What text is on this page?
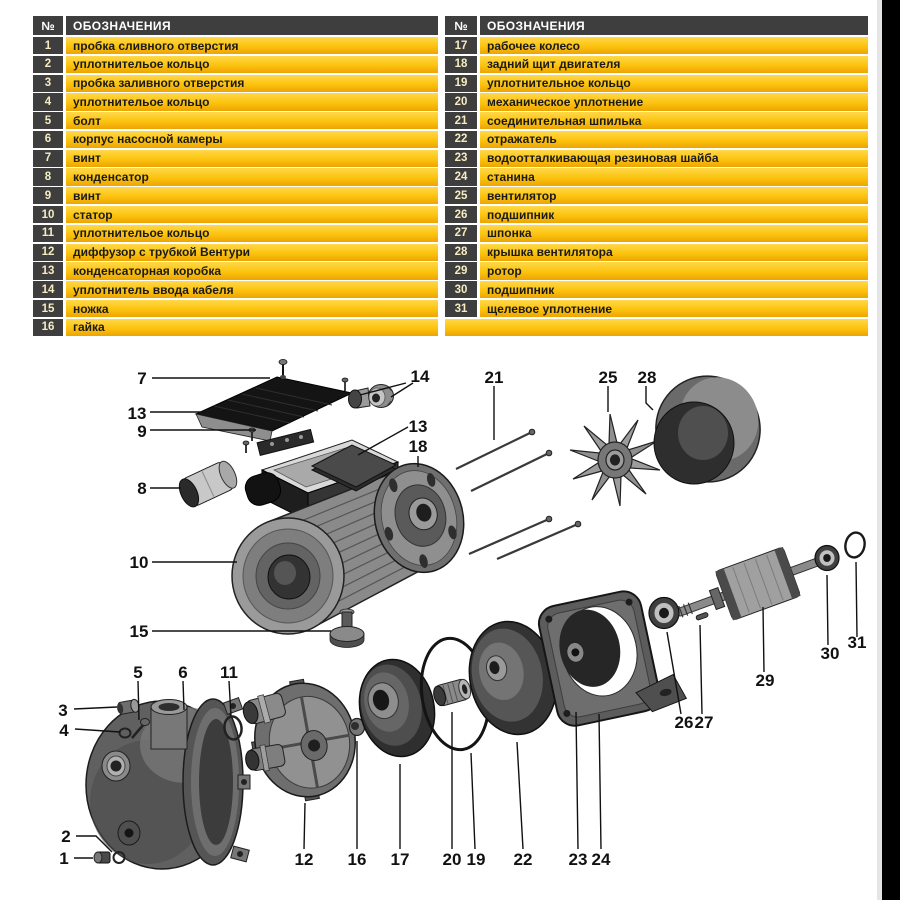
№	ОБОЗНАЧЕНИЯ
1	пробка сливного отверстия
2	уплотнительое кольцо
3	пробка заливного отверстия
4	уплотнительое кольцо
5	болт
6	корпус насосной камеры
7	винт
8	конденсатор
9	винт
10	статор
11	уплотнительое кольцо
12	диффузор с трубкой Вентури
13	конденсаторная коробка
14	уплотнитель ввода кабеля
15	ножка
16	гайка
№	ОБОЗНАЧЕНИЯ
17	рабочее колесо
18	задний щит двигателя
19	уплотнительное кольцо
20	механическое уплотнение
21	соединительная шпилька
22	отражатель
23	водоотталкивающая резиновая шайба
24	станина
25	вентилятор
26	подшипник
27	шпонка
28	крышка вентилятора
29	ротор
30	подшипник
31	щелевое уплотнение
7
13
9
8
10
15
14
13
18
21	25 28
3
4
5 6 11
2
1	12 16 17 20 19 22 23 24
26 27
29
30
31
